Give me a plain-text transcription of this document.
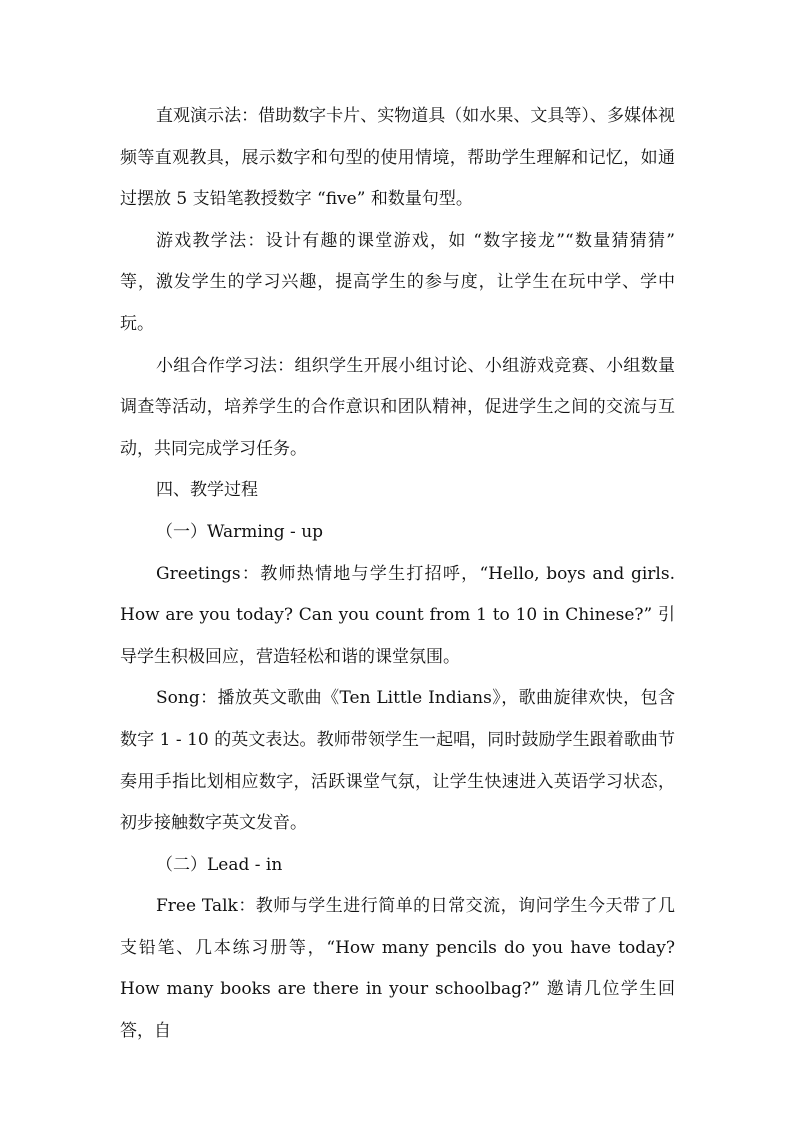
直观演示法：借助数字卡片、实物道具（如水果、文具等）、多媒体视频等直观教具，展示数字和句型的使用情境，帮助学生理解和记忆，如通过摆放 5 支铅笔教授数字 “five” 和数量句型。

游戏教学法：设计有趣的课堂游戏，如 “数字接龙”“数量猜猜猜” 等，激发学生的学习兴趣，提高学生的参与度，让学生在玩中学、学中玩。

小组合作学习法：组织学生开展小组讨论、小组游戏竞赛、小组数量调查等活动，培养学生的合作意识和团队精神，促进学生之间的交流与互动，共同完成学习任务。

四、教学过程

（一）Warming - up

Greetings：教师热情地与学生打招呼，“Hello, boys and girls. How are you today? Can you count from 1 to 10 in Chinese?” 引导学生积极回应，营造轻松和谐的课堂氛围。

Song：播放英文歌曲《Ten Little Indians》，歌曲旋律欢快，包含数字 1 - 10 的英文表达。教师带领学生一起唱，同时鼓励学生跟着歌曲节奏用手指比划相应数字，活跃课堂气氛，让学生快速进入英语学习状态，初步接触数字英文发音。

（二）Lead - in

Free Talk：教师与学生进行简单的日常交流，询问学生今天带了几支铅笔、几本练习册等，“How many pencils do you have today? How many books are there in your schoolbag?” 邀请几位学生回答，自
